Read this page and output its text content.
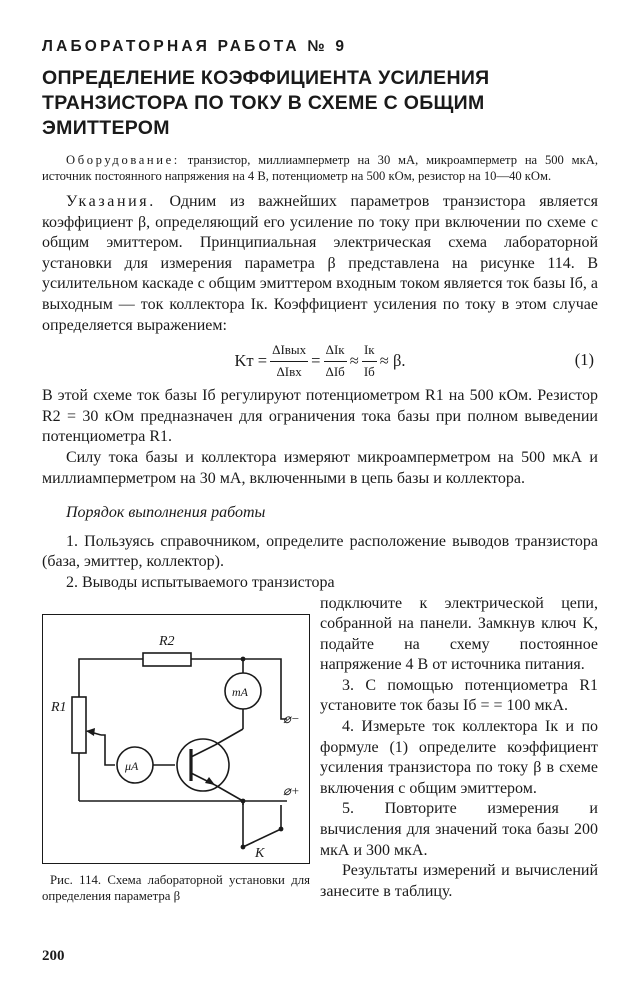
ЛАБОРАТОРНАЯ РАБОТА № 9

ОПРЕДЕЛЕНИЕ КОЭФФИЦИЕНТА УСИЛЕНИЯ ТРАНЗИСТОРА ПО ТОКУ В СХЕМЕ С ОБЩИМ ЭМИТТЕРОМ

Оборудование: транзистор, миллиамперметр на 30 мА, микроамперметр на 500 мкА, источник постоянного напряжения на 4 В, потенциометр на 500 кОм, резистор на 10—40 кОм.

Указания. Одним из важнейших параметров транзистора является коэффициент β, определяющий его усиление по току при включении по схеме с общим эмиттером. Принципиальная электрическая схема лабораторной установки для измерения параметра β представлена на рисунке 114. В усилительном каскаде с общим эмиттером входным током является ток базы Iб, а выходным — ток коллектора Iк. Коэффициент усиления по току в этом случае определяется выражением:

Kт = $\frac{\text{ΔIвых}}{\text{ΔIвх}} = \frac{\text{ΔIк}}{\text{ΔIб}} \approx \frac{Iк}{Iб} \approx \beta$.	(1)

В этой схеме ток базы Iб регулируют потенциометром R1 на 500 кОм. Резистор R2 = 30 кОм предназначен для ограничения тока базы при полном выведении потенциометра R1.

Силу тока базы и коллектора измеряют микроамперметром на 500 мкА и миллиамперметром на 30 мА, включенными в цепь базы и коллектора.

Порядок выполнения работы

1. Пользуясь справочником, определите расположение выводов транзистора (база, эмиттер, коллектор).

2. Выводы испытываемого транзистора

R2
R1
mA
μA
⌀−
⌀+
K
Рис. 114. Схема лабораторной установки для определения параметра β

подключите к электрической цепи, собранной на панели. Замкнув ключ K, подайте на схему постоянное напряжение 4 В от источника питания.

3. С помощью потенциометра R1 установите ток базы Iб = = 100 мкА.

4. Измерьте ток коллектора Iк и по формуле (1) определите коэффициент усиления транзистора по току β в схеме включения с общим эмиттером.

5. Повторите измерения и вычисления для значений тока базы 200 мкА и 300 мкА.

Результаты измерений и вычислений занесите в таблицу.

200
